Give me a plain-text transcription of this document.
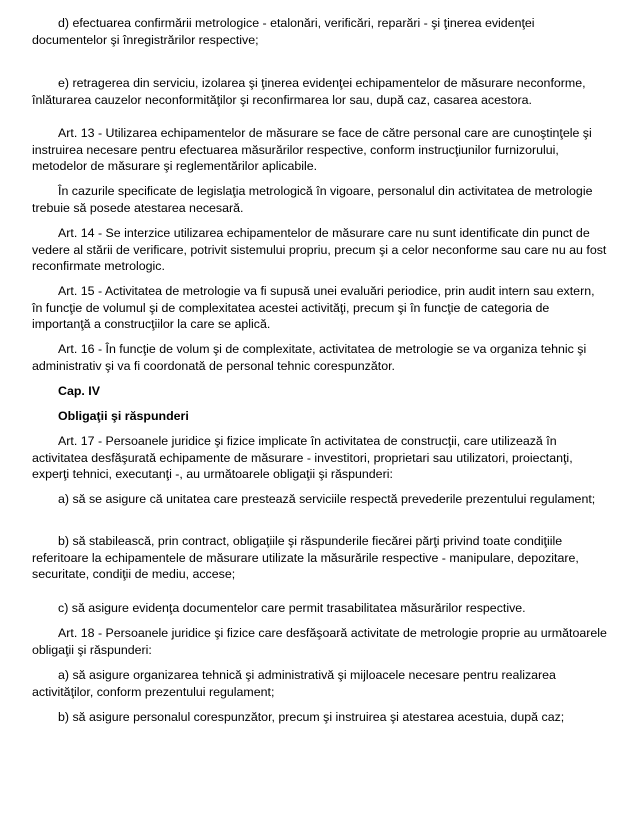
d) efectuarea confirmării metrologice - etalonări, verificări, reparări - şi ţinerea evidenţei documentelor şi înregistrărilor respective;

e) retragerea din serviciu, izolarea şi ţinerea evidenţei echipamentelor de măsurare neconforme, înlăturarea cauzelor neconformităţilor şi reconfirmarea lor sau, după caz, casarea acestora.

Art. 13 - Utilizarea echipamentelor de măsurare se face de către personal care are cunoştinţele şi instruirea necesare pentru efectuarea măsurărilor respective, conform instrucţiunilor furnizorului, metodelor de măsurare şi reglementărilor aplicabile.

În cazurile specificate de legislaţia metrologică în vigoare, personalul din activitatea de metrologie trebuie să posede atestarea necesară.

Art. 14 - Se interzice utilizarea echipamentelor de măsurare care nu sunt identificate din punct de vedere al stării de verificare, potrivit sistemului propriu, precum şi a celor neconforme sau care nu au fost reconfirmate metrologic.

Art. 15 - Activitatea de metrologie va fi supusă unei evaluări periodice, prin audit intern sau extern, în funcţie de volumul şi de complexitatea acestei activităţi, precum şi în funcţie de categoria de importanţă a construcţiilor la care se aplică.

Art. 16 - În funcţie de volum şi de complexitate, activitatea de metrologie se va organiza tehnic şi administrativ şi va fi coordonată de personal tehnic corespunzător.

Cap. IV

Obligaţii şi răspunderi

Art. 17 - Persoanele juridice şi fizice implicate în activitatea de construcţii, care utilizează în activitatea desfăşurată echipamente de măsurare - investitori, proprietari sau utilizatori, proiectanţi, experţi tehnici, executanţi -, au următoarele obligaţii şi răspunderi:

a) să se asigure că unitatea care prestează serviciile respectă prevederile prezentului regulament;

b) să stabilească, prin contract, obligaţiile şi răspunderile fiecărei părţi privind toate condiţiile referitoare la echipamentele de măsurare utilizate la măsurările respective - manipulare, depozitare, securitate, condiţii de mediu, accese;

c) să asigure evidenţa documentelor care permit trasabilitatea măsurărilor respective.

Art. 18 - Persoanele juridice şi fizice care desfăşoară activitate de metrologie proprie au următoarele obligaţii şi răspunderi:

a) să asigure organizarea tehnică şi administrativă şi mijloacele necesare pentru realizarea activităţilor, conform prezentului regulament;

b) să asigure personalul corespunzător, precum şi instruirea şi atestarea acestuia, după caz;
